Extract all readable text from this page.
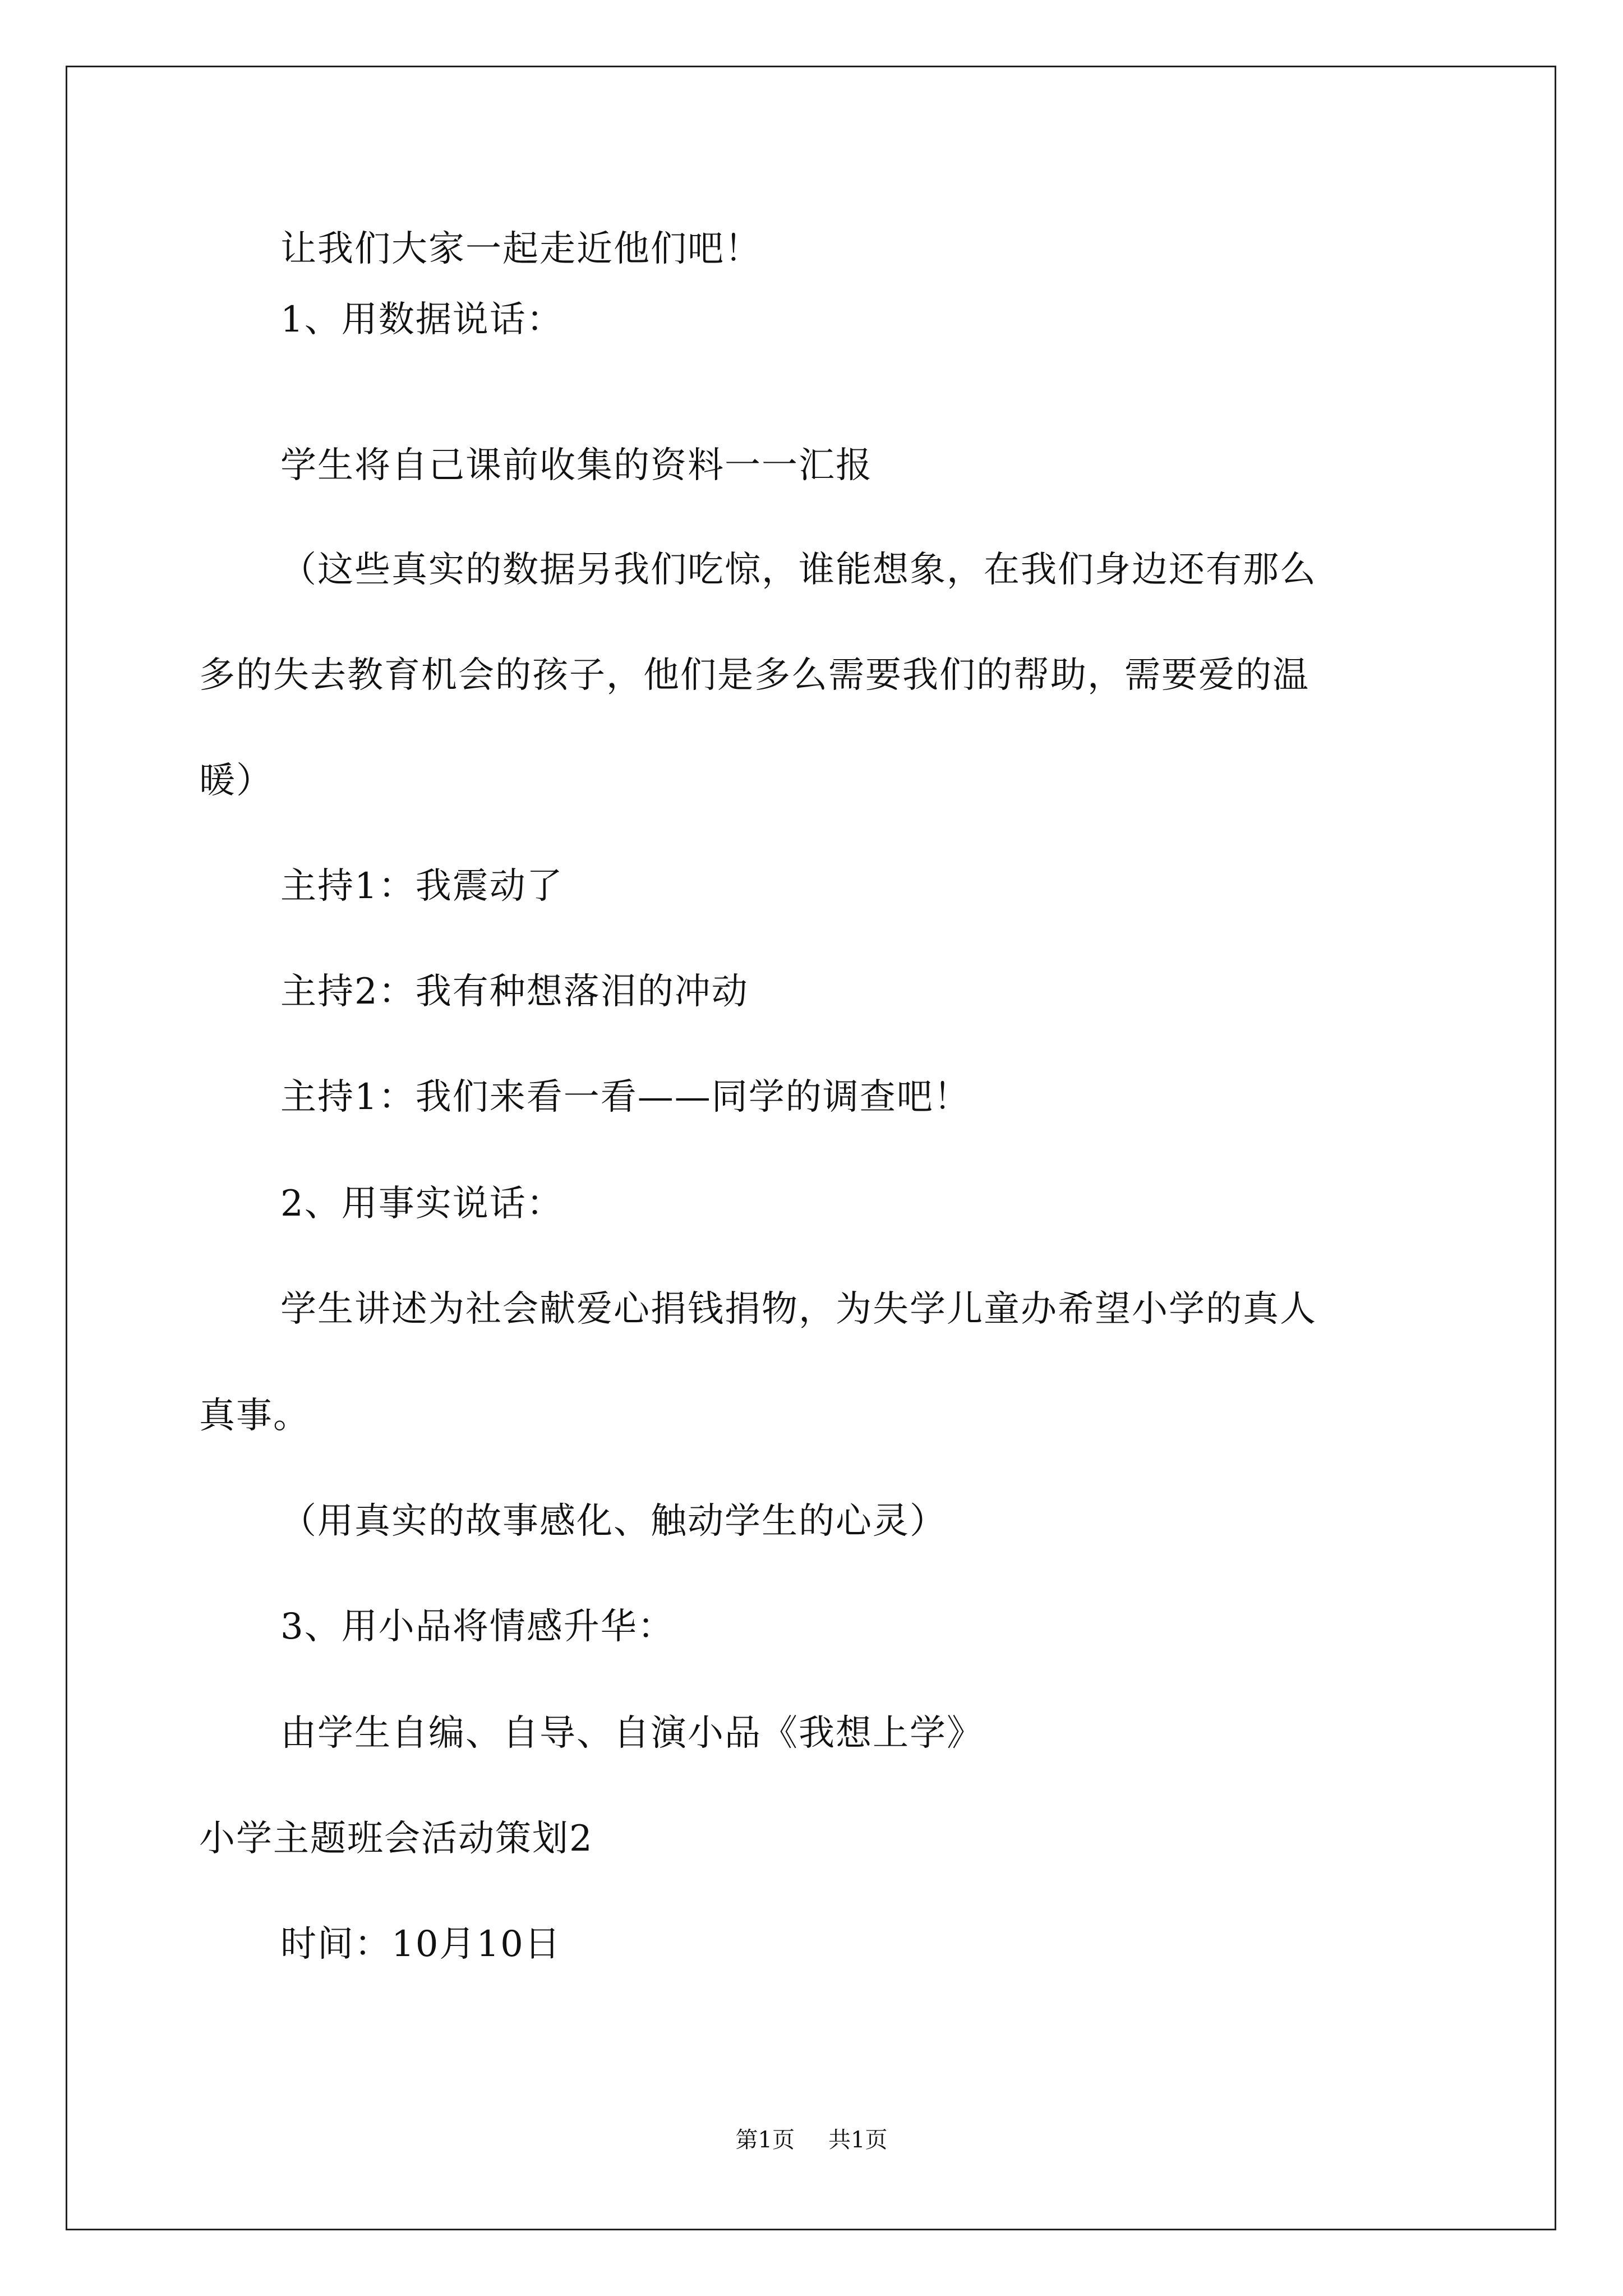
让我们大家一起走近他们吧！
1、用数据说话：
学生将自己课前收集的资料一一汇报
（这些真实的数据另我们吃惊，谁能想象，在我们身边还有那么
多的失去教育机会的孩子，他们是多么需要我们的帮助，需要爱的温
暖）
主持1：我震动了
主持2：我有种想落泪的冲动
主持1：我们来看一看——同学的调查吧！
2、用事实说话：
学生讲述为社会献爱心捐钱捐物，为失学儿童办希望小学的真人
真事。
（用真实的故事感化、触动学生的心灵）
3、用小品将情感升华：
由学生自编、自导、自演小品《我想上学》
小学主题班会活动策划2
时间：10月10日
第1页 共1页
